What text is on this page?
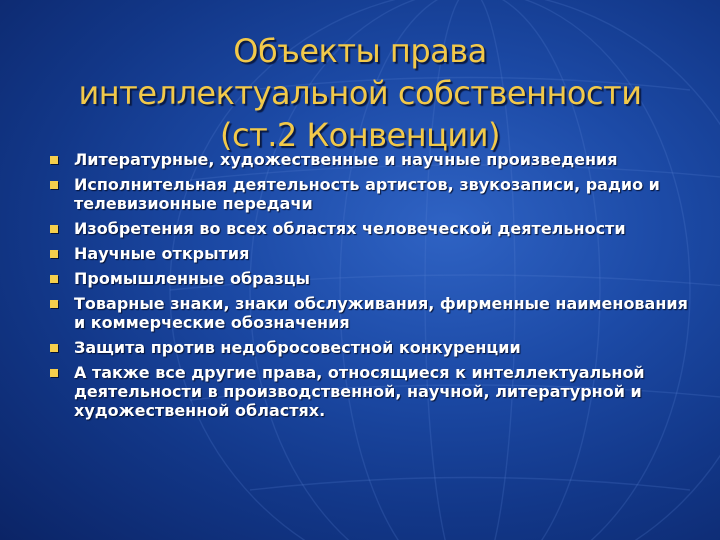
Объекты права
интеллектуальной собственности
(ст.2 Конвенции)
Литературные, художественные и научные произведения
Исполнительная деятельность артистов, звукозаписи, радио и телевизионные передачи
Изобретения во всех областях человеческой деятельности
Научные открытия
Промышленные образцы
Товарные знаки, знаки обслуживания, фирменные наименования и коммерческие обозначения
Защита против недобросовестной конкуренции
А также все другие права, относящиеся к интеллектуальной деятельности в производственной, научной, литературной и художественной областях.
